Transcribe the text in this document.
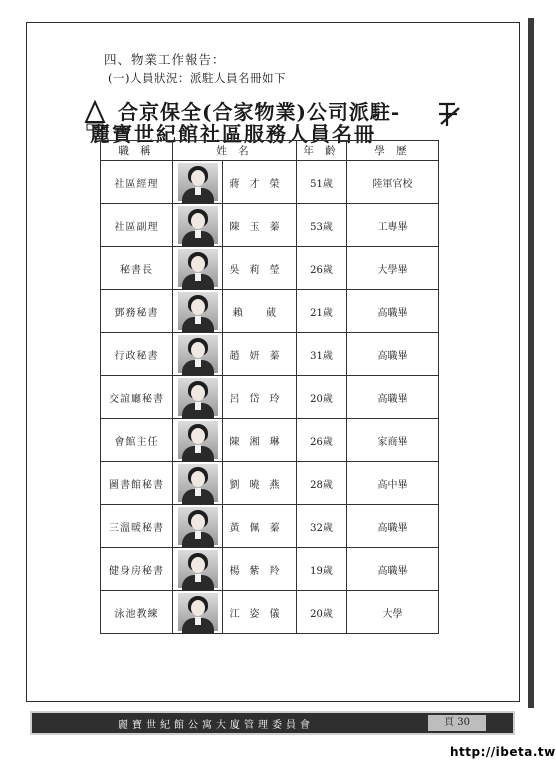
四、物業工作報告：
(一)人員狀況：派駐人員名冊如下
合京保全(合家物業)公司派駐-
麗寶世紀館社區服務人員名冊
職 稱	姓 名		年 齡	學 歷
社區經理		蔣才榮	51歲	陸軍官校
社區副理		陳玉蓁	53歲	工專畢
秘書長		吳莉瑩	26歲	大學畢
鄧務秘書		賴 葳	21歲	高職畢
行政秘書		趙妍蓁	31歲	高職畢
交誼廳秘書		呂岱玲	20歲	高職畢
會館主任		陳湘琳	26歲	家商畢
圖書館秘書		劉曉燕	28歲	高中畢
三溫暖秘書		黃佩蓁	32歲	高職畢
健身房秘書		楊紫羚	19歲	高職畢
泳池教練		江姿儀	20歲	大學
麗寶世紀館公寓大廈管理委員會	頁 30
http://ibeta.tw
